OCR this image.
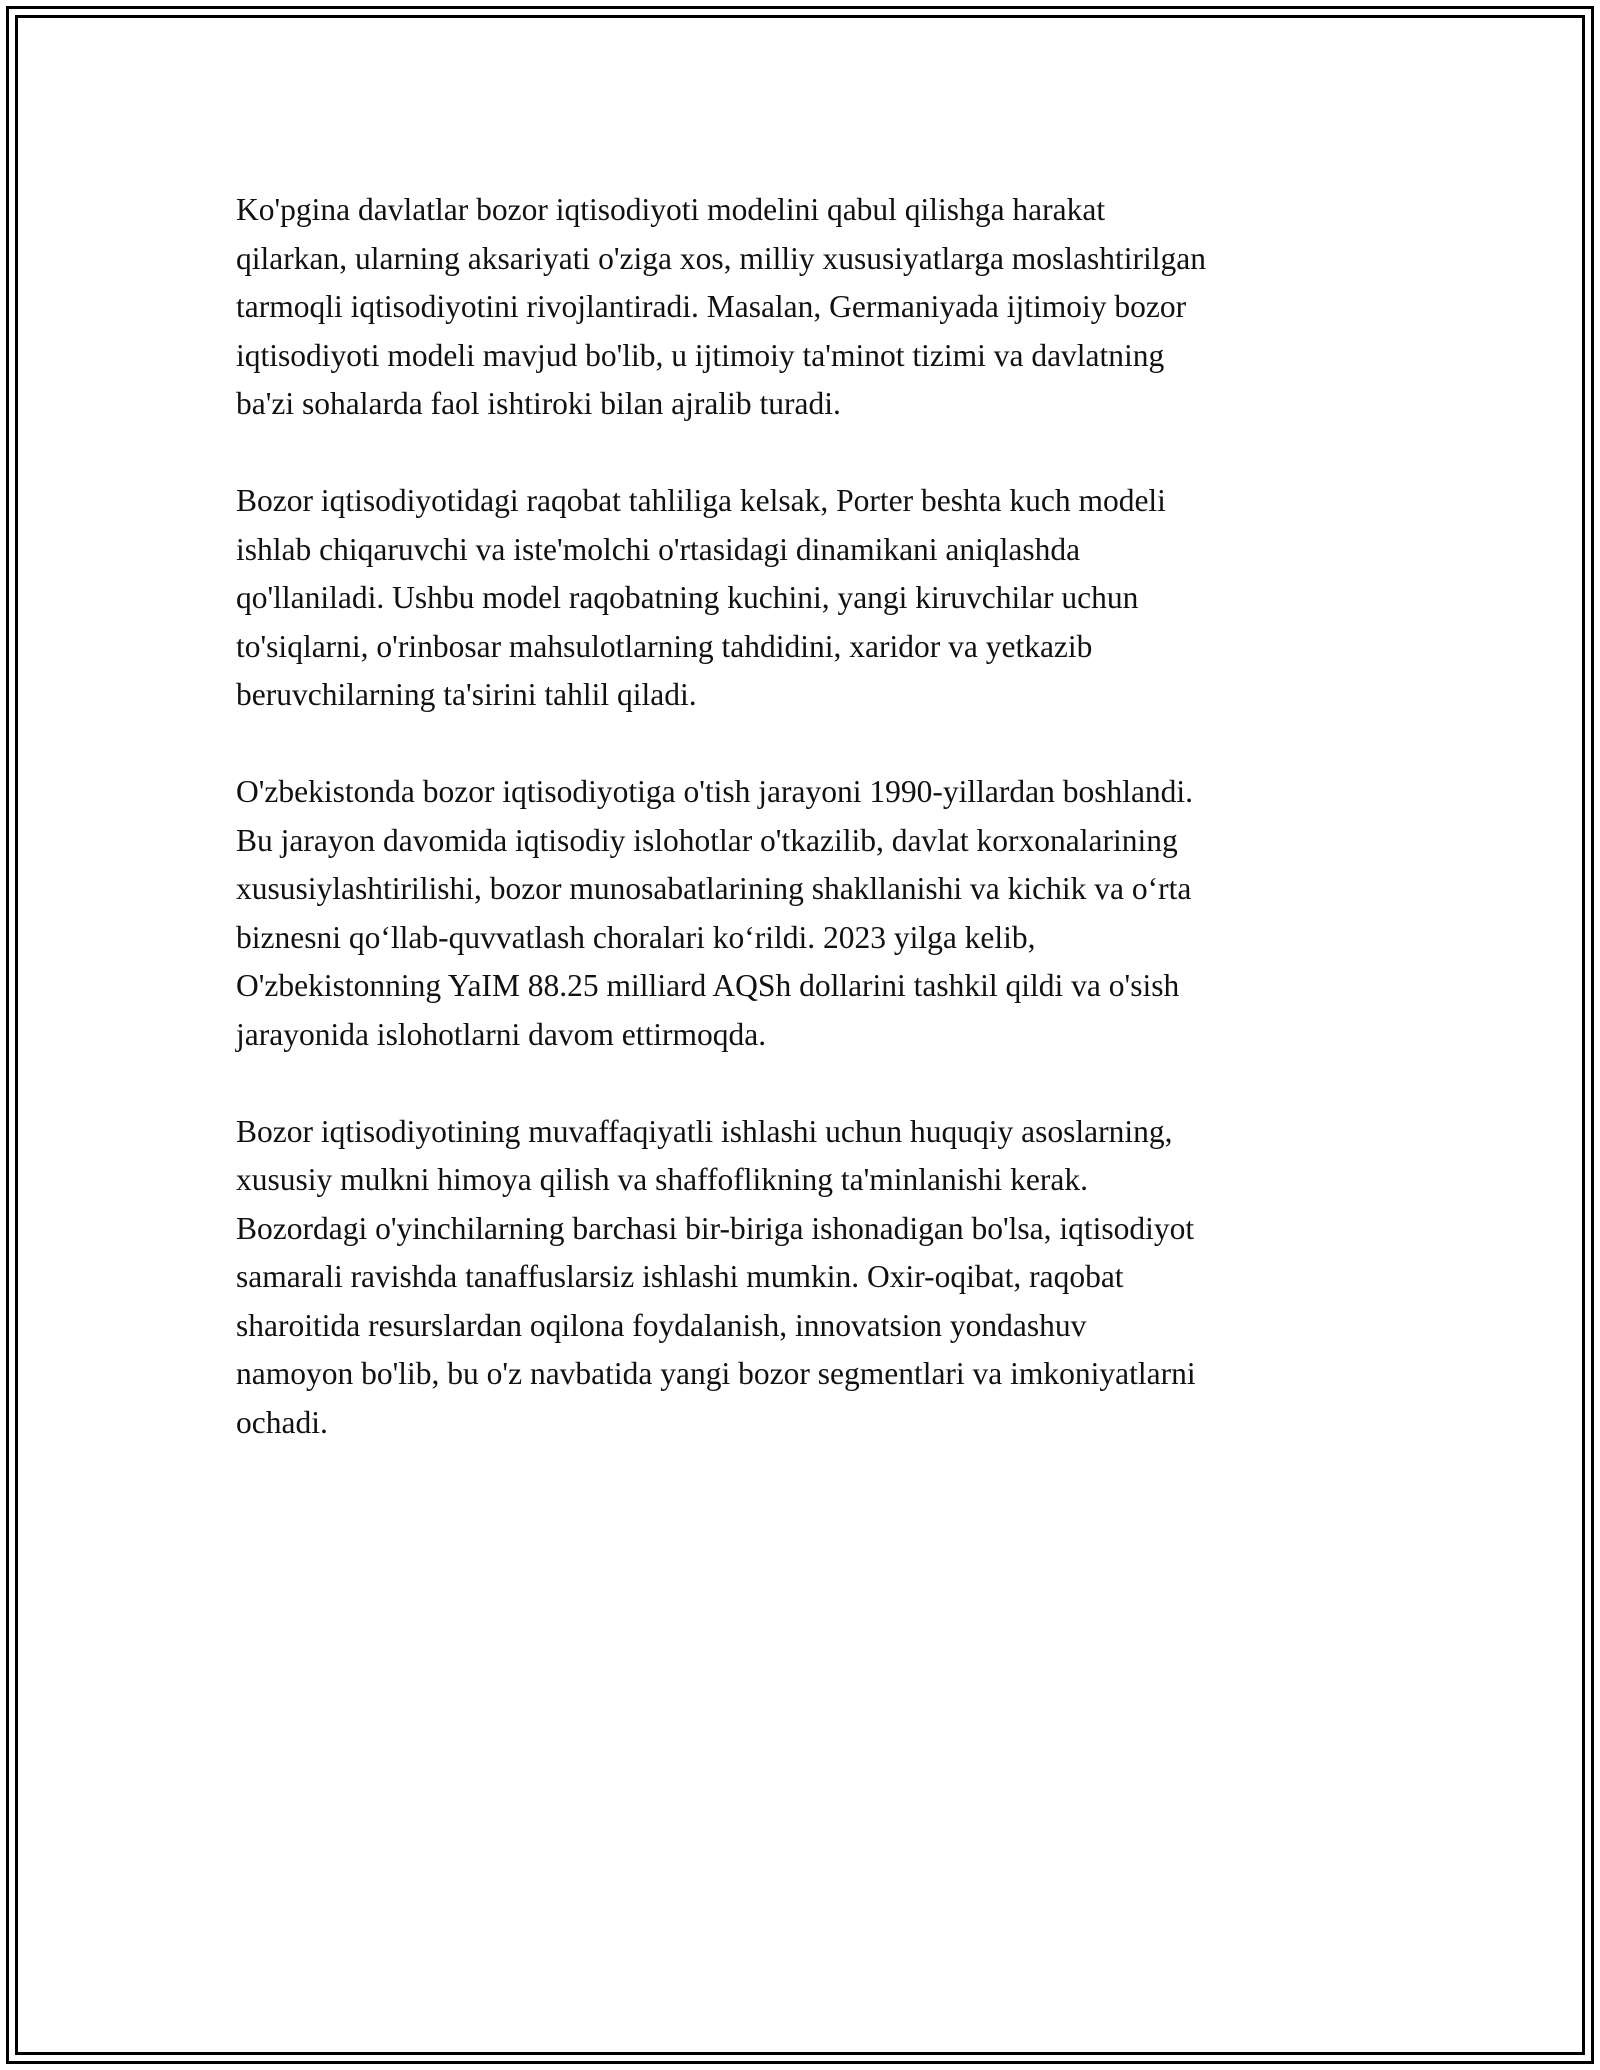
Ko'pgina davlatlar bozor iqtisodiyoti modelini qabul qilishga harakat
qilarkan, ularning aksariyati o'ziga xos, milliy xususiyatlarga moslashtirilgan
tarmoqli iqtisodiyotini rivojlantiradi. Masalan, Germaniyada ijtimoiy bozor
iqtisodiyoti modeli mavjud bo'lib, u ijtimoiy ta'minot tizimi va davlatning
ba'zi sohalarda faol ishtiroki bilan ajralib turadi.

Bozor iqtisodiyotidagi raqobat tahliliga kelsak, Porter beshta kuch modeli
ishlab chiqaruvchi va iste'molchi o'rtasidagi dinamikani aniqlashda
qo'llaniladi. Ushbu model raqobatning kuchini, yangi kiruvchilar uchun
to'siqlarni, o'rinbosar mahsulotlarning tahdidini, xaridor va yetkazib
beruvchilarning ta'sirini tahlil qiladi.

O'zbekistonda bozor iqtisodiyotiga o'tish jarayoni 1990-yillardan boshlandi.
Bu jarayon davomida iqtisodiy islohotlar o'tkazilib, davlat korxonalarining
xususiylashtirilishi, bozor munosabatlarining shakllanishi va kichik va o‘rta
biznesni qo‘llab-quvvatlash choralari ko‘rildi. 2023 yilga kelib,
O'zbekistonning YaIM 88.25 milliard AQSh dollarini tashkil qildi va o'sish
jarayonida islohotlarni davom ettirmoqda.

Bozor iqtisodiyotining muvaffaqiyatli ishlashi uchun huquqiy asoslarning,
xususiy mulkni himoya qilish va shaffoflikning ta'minlanishi kerak.
Bozordagi o'yinchilarning barchasi bir-biriga ishonadigan bo'lsa, iqtisodiyot
samarali ravishda tanaffuslarsiz ishlashi mumkin. Oxir-oqibat, raqobat
sharoitida resurslardan oqilona foydalanish, innovatsion yondashuv
namoyon bo'lib, bu o'z navbatida yangi bozor segmentlari va imkoniyatlarni
ochadi.
